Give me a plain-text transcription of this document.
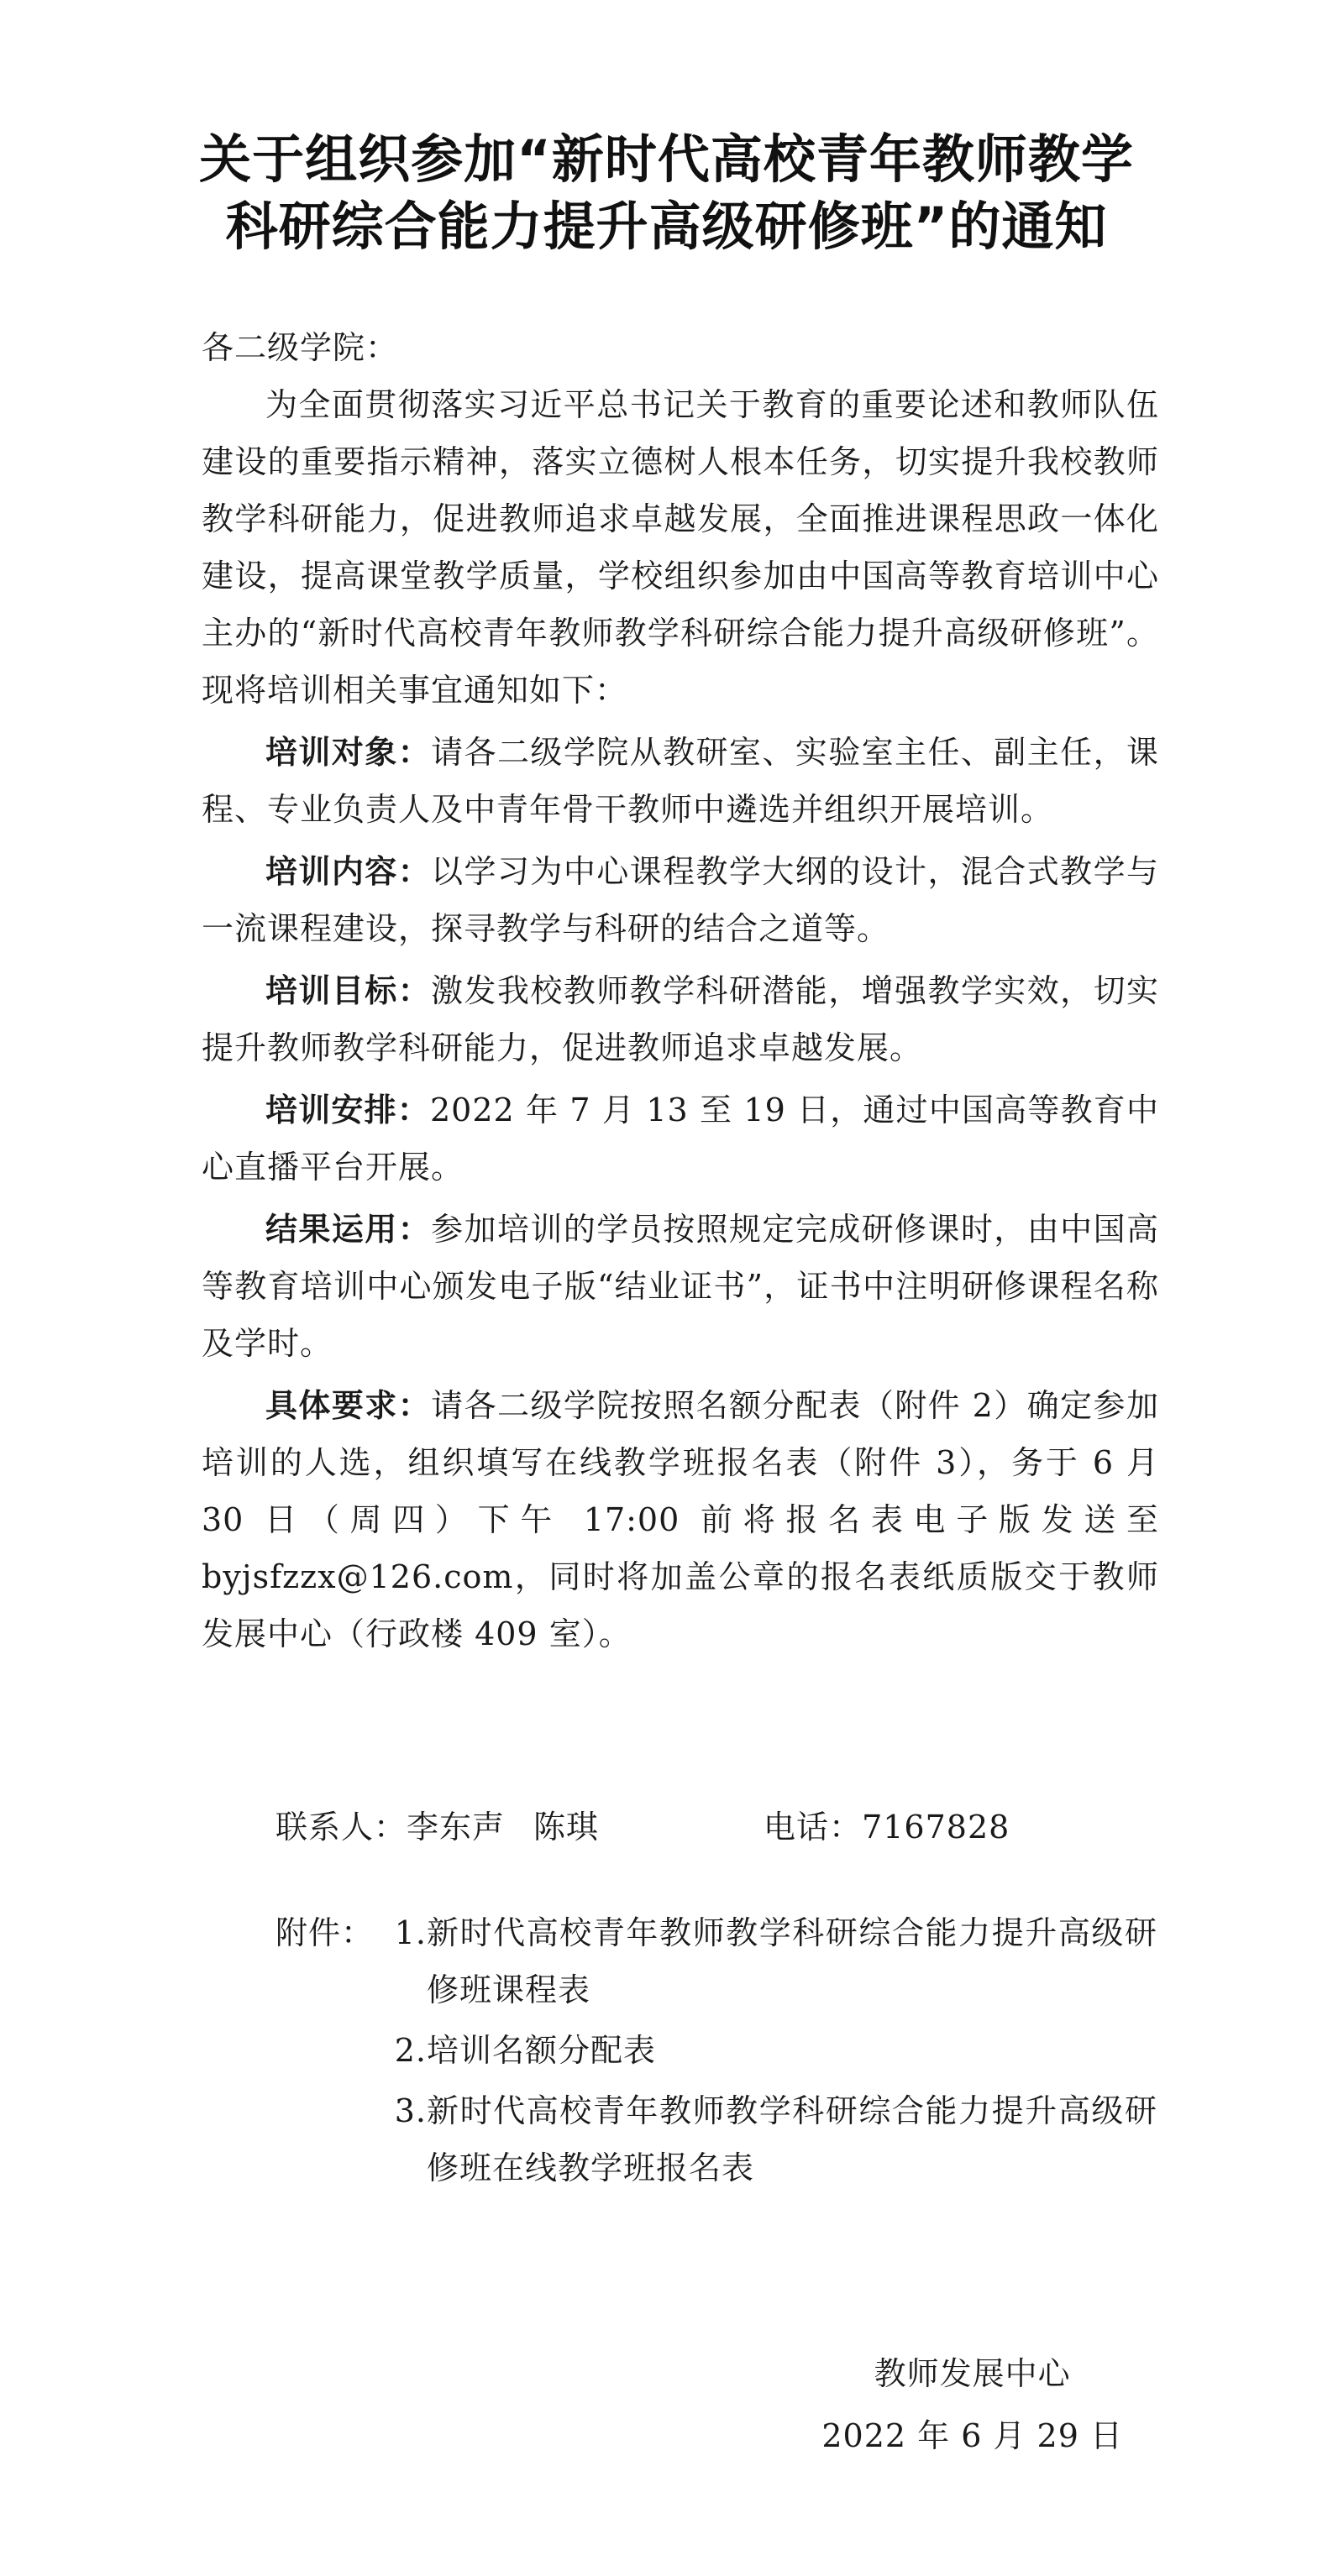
关于组织参加“新时代高校青年教师教学
科研综合能力提升高级研修班”的通知
各二级学院：

为全面贯彻落实习近平总书记关于教育的重要论述和教师队伍建设的重要指示精神，落实立德树人根本任务，切实提升我校教师教学科研能力，促进教师追求卓越发展，全面推进课程思政一体化建设，提高课堂教学质量，学校组织参加由中国高等教育培训中心主办的“新时代高校青年教师教学科研综合能力提升高级研修班”。现将培训相关事宜通知如下：

培训对象：请各二级学院从教研室、实验室主任、副主任，课程、专业负责人及中青年骨干教师中遴选并组织开展培训。

培训内容：以学习为中心课程教学大纲的设计，混合式教学与一流课程建设，探寻教学与科研的结合之道等。

培训目标：激发我校教师教学科研潜能，增强教学实效，切实提升教师教学科研能力，促进教师追求卓越发展。

培训安排：2022 年 7 月 13 至 19 日，通过中国高等教育中心直播平台开展。

结果运用：参加培训的学员按照规定完成研修课时，由中国高等教育培训中心颁发电子版“结业证书”，证书中注明研修课程名称及学时。

具体要求：请各二级学院按照名额分配表（附件 2）确定参加培训的人选，组织填写在线教学班报名表（附件 3），务于 6 月 30 日（周四）下午 17:00 前将报名表电子版发送至 byjsfzzx@126.com，同时将加盖公章的报名表纸质版交于教师发展中心（行政楼 409 室）。

联系人：李东声 陈琪	电话：7167828
附件： 1. 新时代高校青年教师教学科研综合能力提升高级研修班课程表
2. 培训名额分配表
3. 新时代高校青年教师教学科研综合能力提升高级研修班在线教学班报名表
教师发展中心
2022 年 6 月 29 日
